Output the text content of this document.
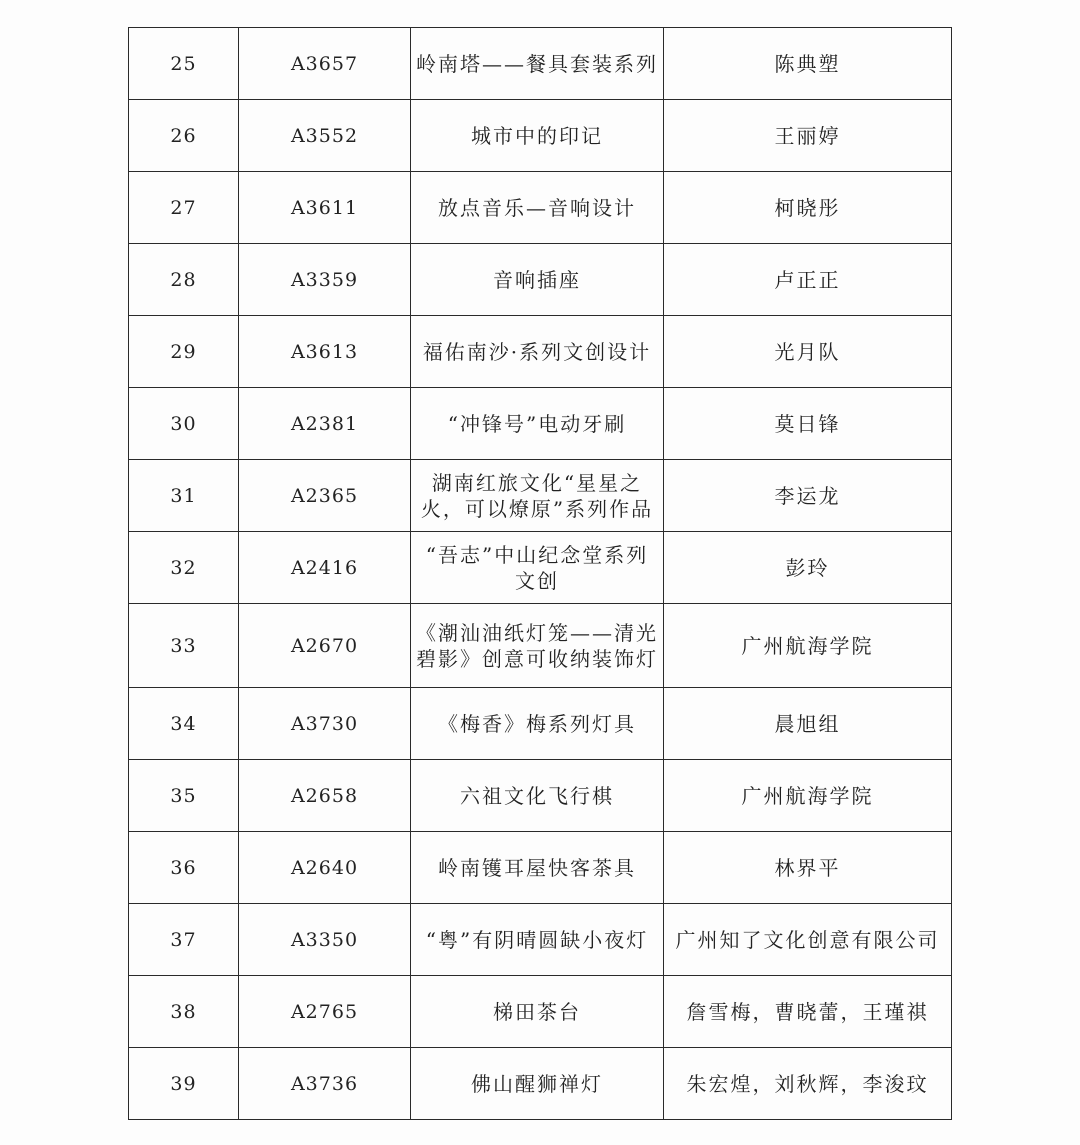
25	A3657	岭南塔——餐具套装系列	陈典塑
26	A3552	城市中的印记	王丽婷
27	A3611	放点音乐—音响设计	柯晓彤
28	A3359	音响插座	卢正正
29	A3613	福佑南沙·系列文创设计	光月队
30	A2381	“冲锋号”电动牙刷	莫日锋
31	A2365	湖南红旅文化“星星之火，可以燎原”系列作品	李运龙
32	A2416	“吾志”中山纪念堂系列文创	彭玲
33	A2670	《潮汕油纸灯笼——清光碧影》创意可收纳装饰灯	广州航海学院
34	A3730	《梅香》梅系列灯具	晨旭组
35	A2658	六祖文化飞行棋	广州航海学院
36	A2640	岭南镬耳屋快客茶具	林界平
37	A3350	“粤”有阴晴圆缺小夜灯	广州知了文化创意有限公司
38	A2765	梯田茶台	詹雪梅，曹晓蕾，王瑾祺
39	A3736	佛山醒狮禅灯	朱宏煌，刘秋辉，李浚玟
